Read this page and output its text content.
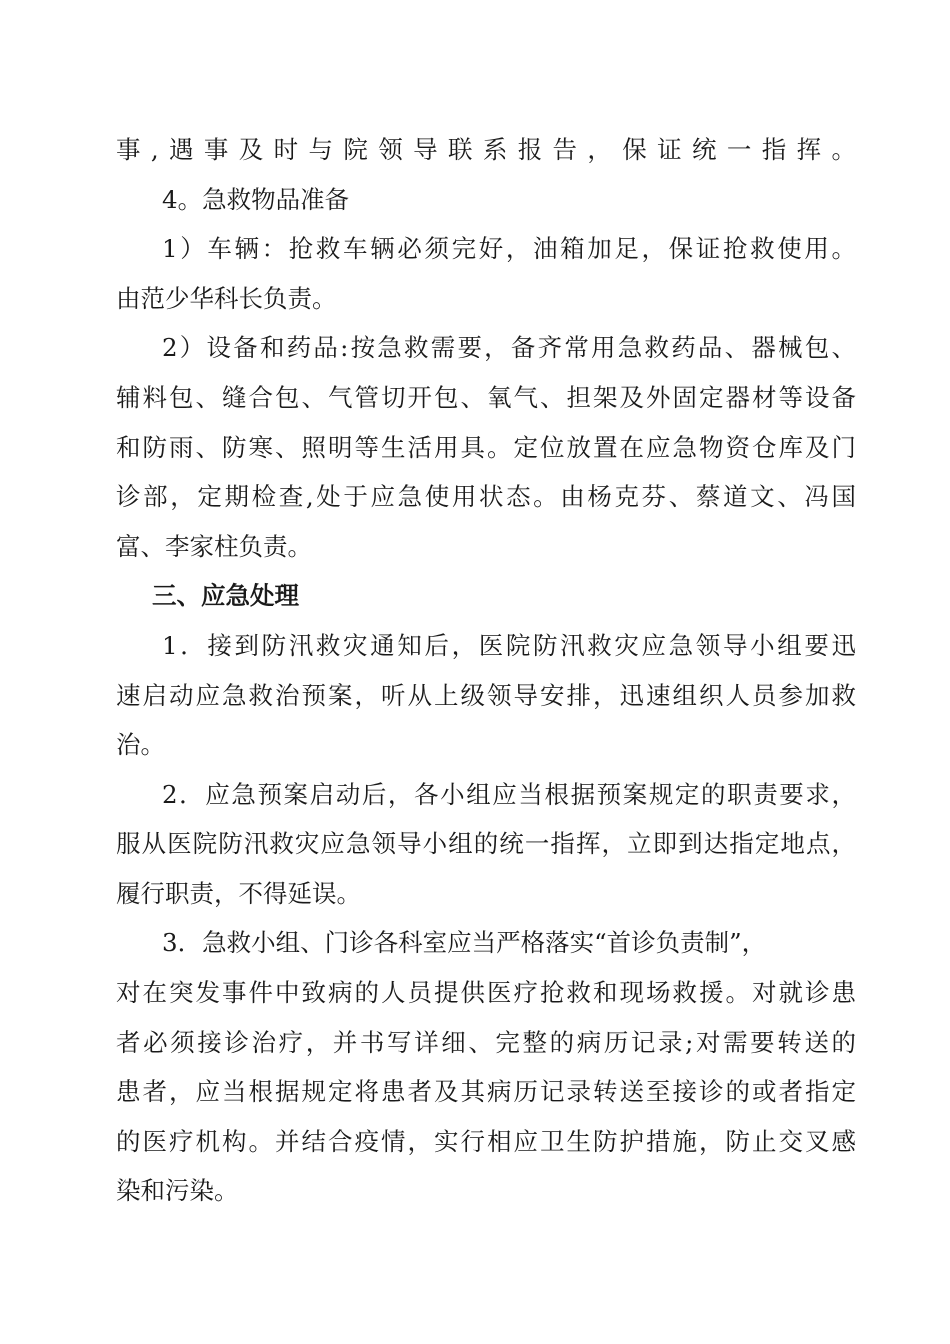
事,遇事及时与院领导联系报告，保证统一指挥。
4。急救物品准备
1）车辆：抢救车辆必须完好，油箱加足，保证抢救使用。
由范少华科长负责。
2）设备和药品:按急救需要，备齐常用急救药品、器械包、
辅料包、缝合包、气管切开包、氧气、担架及外固定器材等设备
和防雨、防寒、照明等生活用具。定位放置在应急物资仓库及门
诊部，定期检查,处于应急使用状态。由杨克芬、蔡道文、冯国
富、李家柱负责。
三、应急处理
1．接到防汛救灾通知后，医院防汛救灾应急领导小组要迅
速启动应急救治预案，听从上级领导安排，迅速组织人员参加救
治。
2．应急预案启动后，各小组应当根据预案规定的职责要求，
服从医院防汛救灾应急领导小组的统一指挥，立即到达指定地点，
履行职责，不得延误。
3．急救小组、门诊各科室应当严格落实“首诊负责制”，
对在突发事件中致病的人员提供医疗抢救和现场救援。对就诊患
者必须接诊治疗，并书写详细、完整的病历记录;对需要转送的
患者，应当根据规定将患者及其病历记录转送至接诊的或者指定
的医疗机构。并结合疫情，实行相应卫生防护措施，防止交叉感
染和污染。
